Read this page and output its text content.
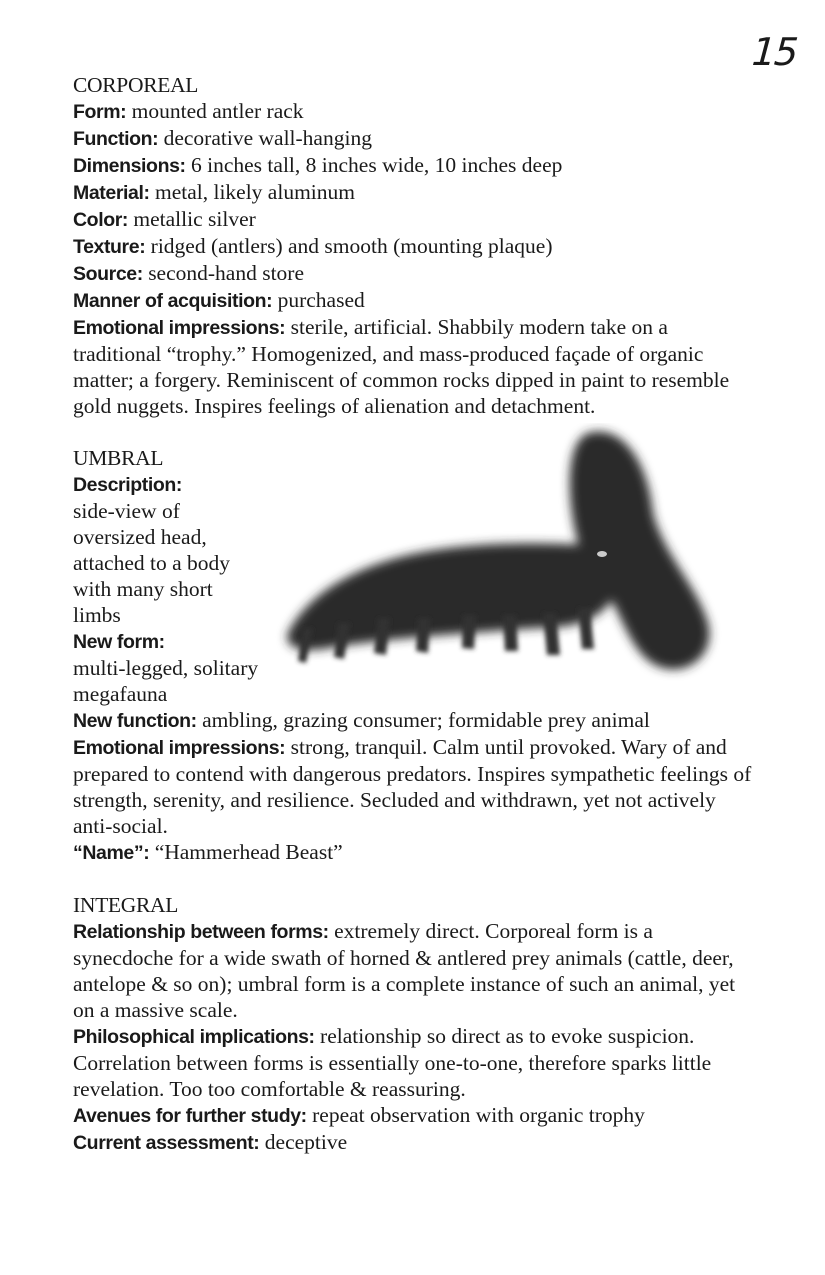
15

CORPOREAL

Form: mounted antler rack

Function: decorative wall-hanging

Dimensions: 6 inches tall, 8 inches wide, 10 inches deep

Material: metal, likely aluminum

Color: metallic silver

Texture: ridged (antlers) and smooth (mounting plaque)

Source: second-hand store

Manner of acquisition: purchased

Emotional impressions: sterile, artificial. Shabbily modern take on a traditional “trophy.” Homogenized, and mass-produced façade of organic matter; a forgery. Reminiscent of common rocks dipped in paint to resemble gold nuggets. Inspires feelings of alienation and detachment.

UMBRAL

Description:

side-view of oversized head, attached to a body with many short limbs

New form:

multi-legged, solitary megafauna

New function: ambling, grazing consumer; formidable prey animal

Emotional impressions: strong, tranquil. Calm until provoked. Wary of and prepared to contend with dangerous predators. Inspires sympathetic feelings of strength, serenity, and resilience. Secluded and withdrawn, yet not actively anti-social.

“Name”: “Hammerhead Beast”

INTEGRAL

Relationship between forms: extremely direct. Corporeal form is a synecdoche for a wide swath of horned & antlered prey animals (cattle, deer, antelope & so on); umbral form is a complete instance of such an animal, yet on a massive scale.

Philosophical implications: relationship so direct as to evoke suspicion. Correlation between forms is essentially one-to-one, therefore sparks little revelation. Too too comfortable & reassuring.

Avenues for further study: repeat observation with organic trophy

Current assessment: deceptive
